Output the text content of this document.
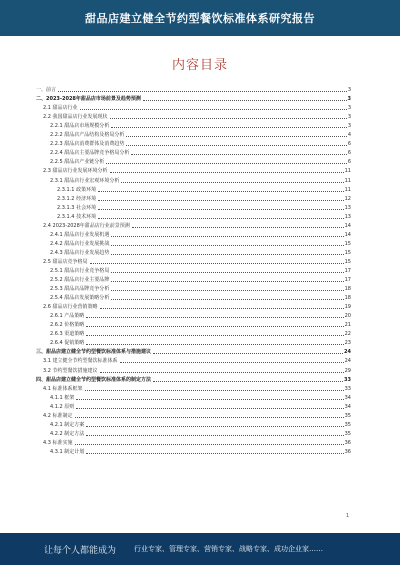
甜品店建立健全节约型餐饮标准体系研究报告
内容目录
一、前言	3
二、2023-2028年甜品店市场前景及趋势预测	3
2.1 甜品店行业	3
2.2 我国甜品店行业发展现状	3
2.2.1 甜品店市场规模分析	3
2.2.2 甜品店产品结构及格局分析	4
2.2.3 甜品店消费群体及消费趋势	6
2.2.4 甜品店主要品牌竞争格局分析	6
2.2.5 甜品店产业链分析	6
2.3 甜品店行业发展环境分析	11
2.3.1 甜品店行业宏观环境分析	11
2.3.1.1 政策环境	11
2.3.1.2 经济环境	12
2.3.1.3 社会环境	13
2.3.1.4 技术环境	13
2.4 2023-2028年甜品店行业前景预测	14
2.4.1 甜品店行业发展机遇	14
2.4.2 甜品店行业发展挑战	15
2.4.3 甜品店行业发展趋势	15
2.5 甜品店竞争格局	15
2.5.1 甜品店行业竞争格局	17
2.5.2 甜品店行业主要品牌	17
2.5.3 甜品店品牌竞争分析	18
2.5.4 甜品店发展策略分析	18
2.6 甜品店行业营销策略	19
2.6.1 产品策略	20
2.6.2 价格策略	21
2.6.3 渠道策略	22
2.6.4 促销策略	23
三、甜品店建立健全节约型餐饮标准体系与措施建议	24
3.1 建立健全节约型餐饮标准体系	24
3.2 节约型餐饮措施建议	29
四、甜品店建立健全节约型餐饮标准体系的制定方法	33
4.1 标准体系框架	33
4.1.1 框架	34
4.1.2 原则	34
4.2 标准制定	35
4.2.1 制定方案	35
4.2.2 制定方法	35
4.3 标准实施	36
4.3.1 制定计划	36
1
让每个人都能成为	行业专家、管理专家、营销专家、战略专家、成功企业家……
